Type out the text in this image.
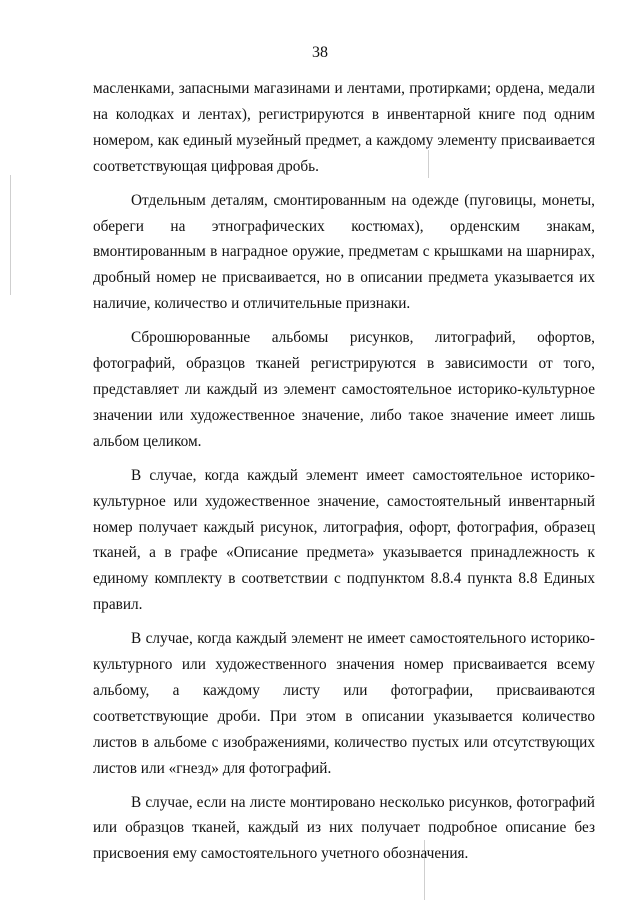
38

масленками, запасными магазинами и лентами, протирками; ордена, медали на колодках и лентах), регистрируются в инвентарной книге под одним номером, как единый музейный предмет, а каждому элементу присваивается соответствующая цифровая дробь.

Отдельным деталям, смонтированным на одежде (пуговицы, монеты, обереги на этнографических костюмах), орденским знакам, вмонтированным в наградное оружие, предметам с крышками на шарнирах, дробный номер не присваивается, но в описании предмета указывается их наличие, количество и отличительные признаки.

Сброшюрованные альбомы рисунков, литографий, офортов, фотографий, образцов тканей регистрируются в зависимости от того, представляет ли каждый из элемент самостоятельное историко-культурное значении или художественное значение, либо такое значение имеет лишь альбом целиком.

В случае, когда каждый элемент имеет самостоятельное историко-культурное или художественное значение, самостоятельный инвентарный номер получает каждый рисунок, литография, офорт, фотография, образец тканей, а в графе «Описание предмета» указывается принадлежность к единому комплекту в соответствии с подпунктом 8.8.4 пункта 8.8 Единых правил.

В случае, когда каждый элемент не имеет самостоятельного историко-культурного или художественного значения номер присваивается всему альбому, а каждому листу или фотографии, присваиваются соответствующие дроби. При этом в описании указывается количество листов в альбоме с изображениями, количество пустых или отсутствующих листов или «гнезд» для фотографий.

В случае, если на листе монтировано несколько рисунков, фотографий или образцов тканей, каждый из них получает подробное описание без присвоения ему самостоятельного учетного обозначения.
